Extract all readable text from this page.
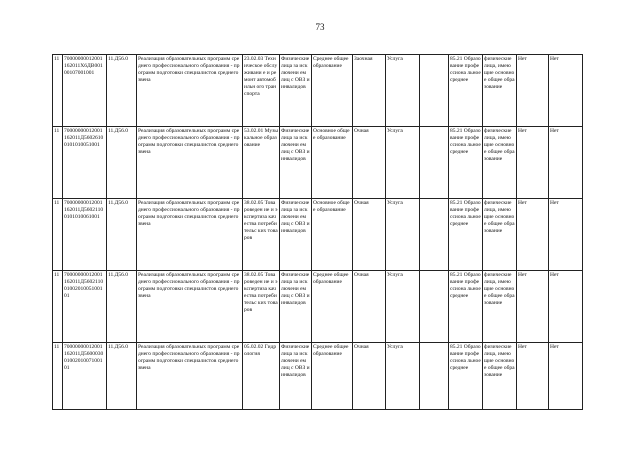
73
11	70000000012001162011Х6ДB00100107001001	11.Д56.0	Реализация образовательных программ среднего профессионального образования - программ подготовки специалистов среднего звена	23.02.03 Техническое обслуживани е и ремонт автомобильн ого транспорта	Физические лица за исключени ем лиц с ОВЗ и инвалидов	Среднее общее образование	Заочная	Услуга		85.21 Образование профессиона льное среднее	физические лица, имеющие основное общее образование	Нет	Нет
11	70000000012001162011Д56026100101010051001	11.Д56.0	Реализация образовательных программ среднего профессионального образования - программ подготовки специалистов среднего звена	53.02.01 Музыкальное образование	Физические лица за исключени ем лиц с ОВЗ и инвалидов	Основное общее образование	Очная	Услуга		85.21 Образование профессиона льное среднее	физические лица, имеющие основное общее образование	Нет	Нет
11	70000000012001162011Д56021100101010061001	11.Д56.0	Реализация образовательных программ среднего профессионального образования - программ подготовки специалистов среднего звена	38.02.05 Товароведен ие и экспертиза качества потребительс ких товаров	Физические лица за исключени ем лиц с ОВЗ и инвалидов	Основное общее образование	Очная	Услуга		85.21 Образование профессиона льное среднее	физические лица, имеющие основное общее образование	Нет	Нет
11	70000000012001162011Д56021100100201005100101	11.Д56.0	Реализация образовательных программ среднего профессионального образования - программ подготовки специалистов среднего звена	38.02.05 Товароведен ие и экспертиза качества потребительс ких товаров	Физические лица за исключени ем лиц с ОВЗ и инвалидов	Среднее общее образование	Очная	Услуга		85.21 Образование профессиона льное среднее	физические лица, имеющие основное общее образование	Нет	Нет
11	70000000012001162011Д56000300100201007100101	11.Д56.0	Реализация образовательных программ среднего профессионального образования - программ подготовки специалистов среднего звена	05.02.02 Гидрология	Физические лица за исключени ем лиц с ОВЗ и инвалидов	Среднее общее образование	Очная	Услуга		85.21 Образование профессиона льное среднее	физические лица, имеющие основное общее образование	Нет	Нет
